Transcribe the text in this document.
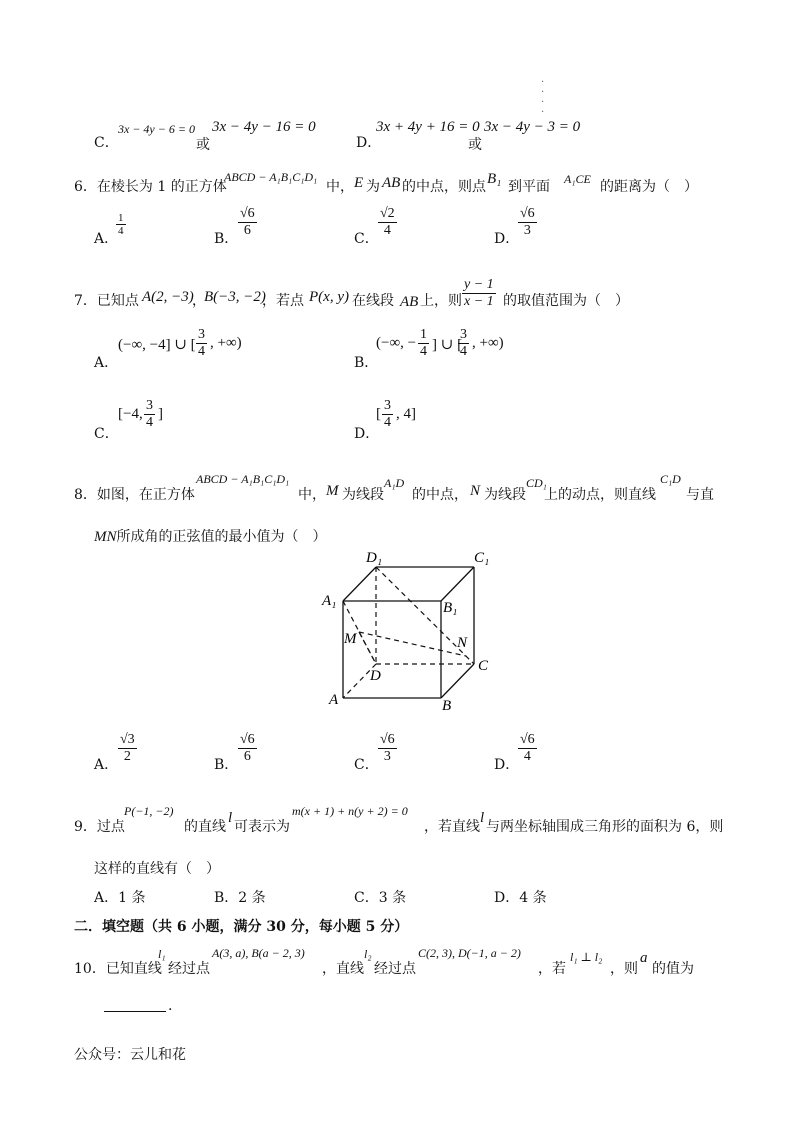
·
·
·
·
C．
3x − 4y − 6 = 0
或
3x − 4y − 16 = 0
D．
3x + 4y + 16 = 0
或
3x − 4y − 3 = 0
6．在棱长为 1 的正方体
ABCD − A₁B₁C₁D₁
中， E 为 AB 的中点，则点 B₁ 到平面 A₁CE 的距离为（　）
A．
$\frac{1}{4}$
B． $\frac{√6}{6}$	C． $\frac{√2}{4}$	D．
$\frac{√6}{3}$
7．已知点 A(2, −3)
，
B(−3, −2)
，若点 P(x, y) 在线段 AB 上，则 $\frac{y - 1}{x - 1}$ 的取值范围为（　）
A．
(−∞, −4] ∪ [ $\frac{3}{4}$ , +∞)
B．
(−∞, − $\frac{1}{4}$ ] ∪ [
$\frac{3}{4}$ , +∞)
C．
[−4, $\frac{3}{4}$ ]
D．
[ $\frac{3}{4}$ , 4]
8．如图，在正方体
ABCD − A₁B₁C₁D₁
中， M 为线段
A₁D
的中点， N 为线段
CD₁
上的动点，则直线
C₁D
与直
MN所成角的正弦值的最小值为（　）
D₁	C₁
A₁	B₁
M	N
D
C
A	B
A． $\frac{√3}{2}$	B． $\frac{√6}{6}$	C． $\frac{√6}{3}$	D．
$\frac{√6}{4}$
9．过点
P(−1, −2)
的直线
l
可表示为
m(x + 1) + n(y + 2) = 0
，若直线
l
与两坐标轴围成三角形的面积为 6，则
这样的直线有（　）
A．1 条	B．2 条	C．3 条	D．4 条
二．填空题（共 6 小题，满分 30 分，每小题 5 分）
10．已知直线
l₁
经过点
A(3, a), B(a − 2, 3)
，直线
l₂
经过点
C(2, 3), D(−1, a − 2)
，若
l₁ ⊥ l₂
，则
a
的值为
.
公众号：云儿和花
